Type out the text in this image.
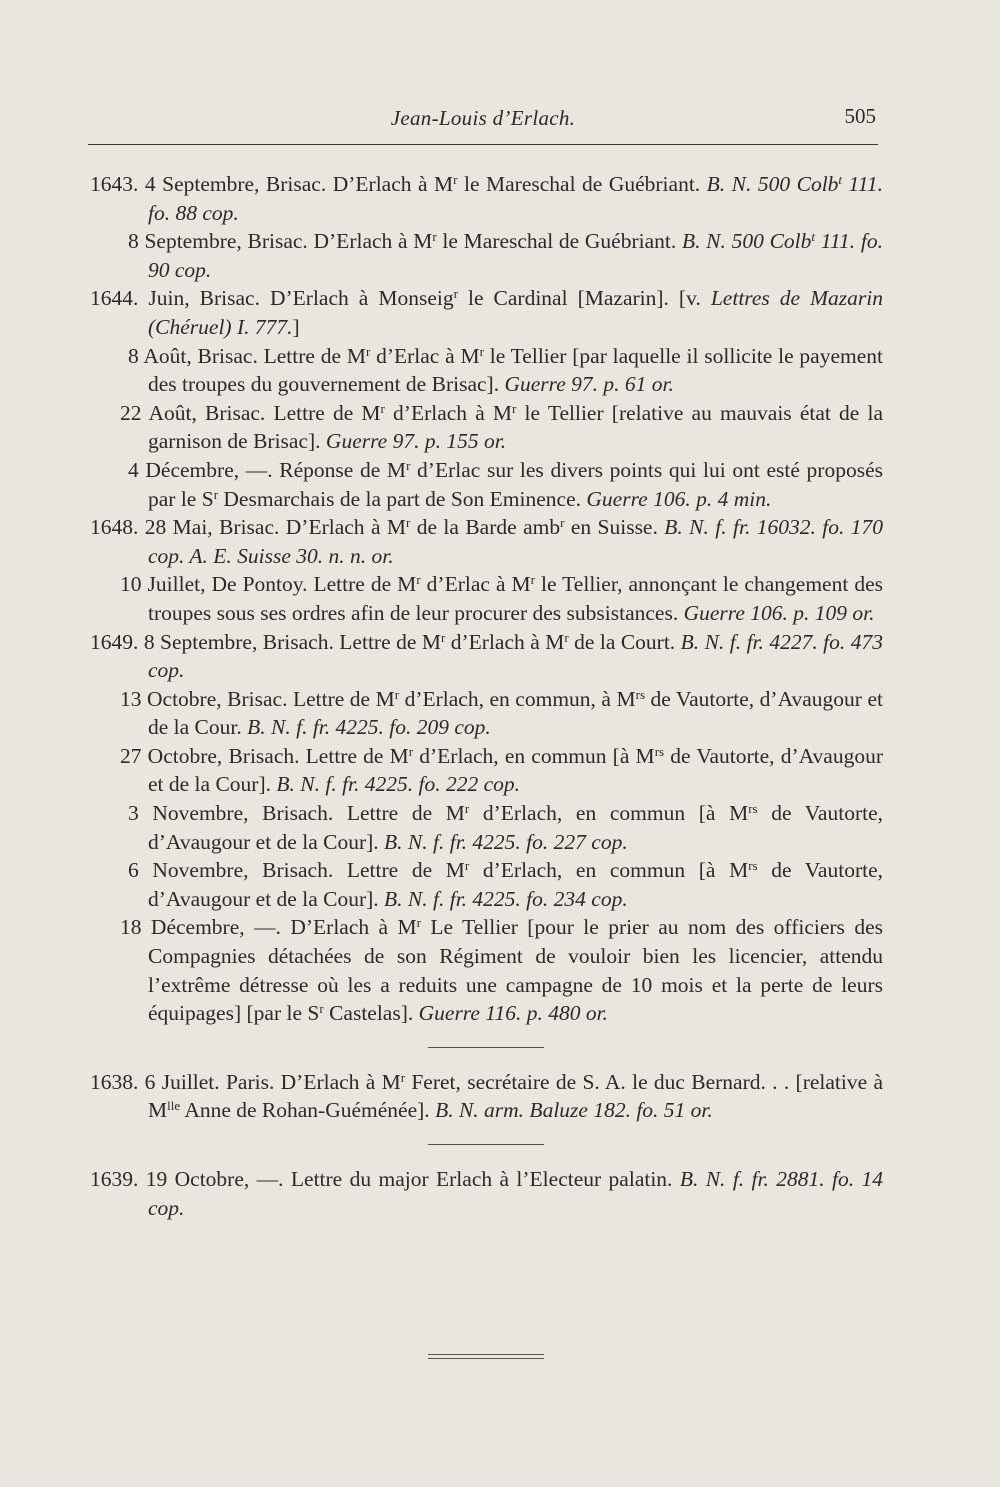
Jean-Louis d’Erlach.	505

1643. 4 Septembre, Brisac. D’Erlach à $M^r$ le Mareschal de Guébriant. B. N. 500 Colb$^t$ 111. fo. 88 cop.

8 Septembre, Brisac. D’Erlach à $M^r$ le Mareschal de Guébriant. B. N. 500 Colb$^t$ 111. fo. 90 cop.

1644. Juin, Brisac. D’Erlach à Monseig$^r$ le Cardinal [Mazarin]. [v. Lettres de Mazarin (Chéruel) I. 777.]

8 Août, Brisac. Lettre de $M^r$ d’Erlac à $M^r$ le Tellier [par laquelle il sollicite le payement des troupes du gouvernement de Brisac]. Guerre 97. p. 61 or.

22 Août, Brisac. Lettre de $M^r$ d’Erlach à $M^r$ le Tellier [relative au mauvais état de la garnison de Brisac]. Guerre 97. p. 155 or.

4 Décembre, —. Réponse de $M^r$ d’Erlac sur les divers points qui lui ont esté proposés par le $S^r$ Desmarchais de la part de Son Eminence. Guerre 106. p. 4 min.

1648. 28 Mai, Brisac. D’Erlach à $M^r$ de la Barde amb$^r$ en Suisse. B. N. f. fr. 16032. fo. 170 cop. A. E. Suisse 30. n. n. or.

10 Juillet, De Pontoy. Lettre de $M^r$ d’Erlac à $M^r$ le Tellier, annonçant le changement des troupes sous ses ordres afin de leur procurer des subsistances. Guerre 106. p. 109 or.

1649. 8 Septembre, Brisach. Lettre de $M^r$ d’Erlach à $M^r$ de la Court. B. N. f. fr. 4227. fo. 473 cop.

13 Octobre, Brisac. Lettre de $M^r$ d’Erlach, en commun, à $M^{rs}$ de Vautorte, d’Avaugour et de la Cour. B. N. f. fr. 4225. fo. 209 cop.

27 Octobre, Brisach. Lettre de $M^r$ d’Erlach, en commun [à $M^{rs}$ de Vautorte, d’Avaugour et de la Cour]. B. N. f. fr. 4225. fo. 222 cop.

3 Novembre, Brisach. Lettre de $M^r$ d’Erlach, en commun [à $M^{rs}$ de Vautorte, d’Avaugour et de la Cour]. B. N. f. fr. 4225. fo. 227 cop.

6 Novembre, Brisach. Lettre de $M^r$ d’Erlach, en commun [à $M^{rs}$ de Vautorte, d’Avaugour et de la Cour]. B. N. f. fr. 4225. fo. 234 cop.

18 Décembre, —. D’Erlach à $M^r$ Le Tellier [pour le prier au nom des officiers des Compagnies détachées de son Régiment de vouloir bien les licencier, attendu l’extrême détresse où les a reduits une campagne de 10 mois et la perte de leurs équipages] [par le $S^r$ Castelas]. Guerre 116. p. 480 or.

1638. 6 Juillet. Paris. D’Erlach à $M^r$ Feret, secrétaire de S. A. le duc Bernard. . . [relative à $M^{lle}$ Anne de Rohan-Guéménée]. B. N. arm. Baluze 182. fo. 51 or.

1639. 19 Octobre, —. Lettre du major Erlach à l’Electeur palatin. B. N. f. fr. 2881. fo. 14 cop.
